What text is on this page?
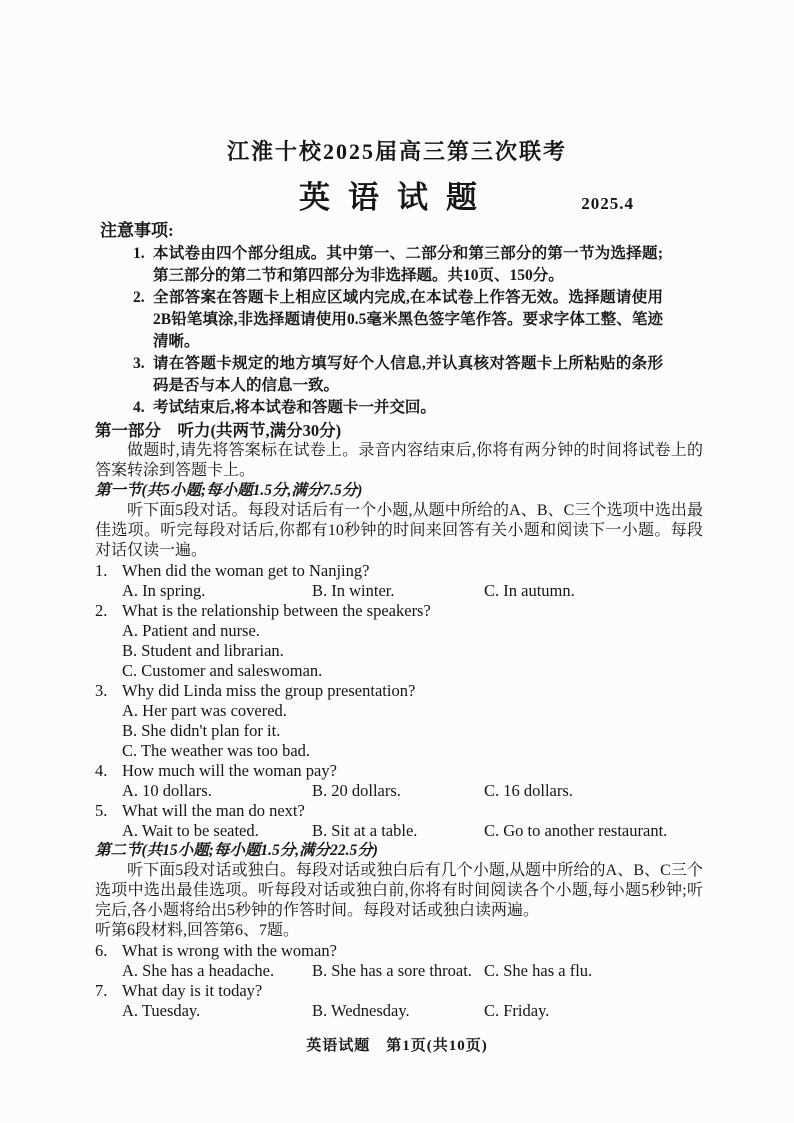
江淮十校2025届高三第三次联考
英语试题	2025.4
注意事项:
1. 本试卷由四个部分组成。其中第一、二部分和第三部分的第一节为选择题;第三部分的第二节和第四部分为非选择题。共10页、150分。
2. 全部答案在答题卡上相应区域内完成,在本试卷上作答无效。选择题请使用2B铅笔填涂,非选择题请使用0.5毫米黑色签字笔作答。要求字体工整、笔迹清晰。
3. 请在答题卡规定的地方填写好个人信息,并认真核对答题卡上所粘贴的条形码是否与本人的信息一致。
4. 考试结束后,将本试卷和答题卡一并交回。
第一部分　听力(共两节,满分30分)

做题时,请先将答案标在试卷上。录音内容结束后,你将有两分钟的时间将试卷上的答案转涂到答题卡上。

第一节(共5小题;每小题1.5分,满分7.5分)

听下面5段对话。每段对话后有一个小题,从题中所给的A、B、C三个选项中选出最佳选项。听完每段对话后,你都有10秒钟的时间来回答有关小题和阅读下一小题。每段对话仅读一遍。

1. When did the woman get to Nanjing?
A. In spring.	B. In winter.	C. In autumn.
2. What is the relationship between the speakers?
A. Patient and nurse.
B. Student and librarian.
C. Customer and saleswoman.
3. Why did Linda miss the group presentation?
A. Her part was covered.
B. She didn't plan for it.
C. The weather was too bad.
4. How much will the woman pay?
A. 10 dollars.	B. 20 dollars.	C. 16 dollars.
5. What will the man do next?
A. Wait to be seated.	B. Sit at a table.	C. Go to another restaurant.
第二节(共15小题;每小题1.5分,满分22.5分)

听下面5段对话或独白。每段对话或独白后有几个小题,从题中所给的A、B、C三个选项中选出最佳选项。听每段对话或独白前,你将有时间阅读各个小题,每小题5秒钟;听完后,各小题将给出5秒钟的作答时间。每段对话或独白读两遍。

听第6段材料,回答第6、7题。
6. What is wrong with the woman?
A. She has a headache.	B. She has a sore throat. C. She has a flu.
7. What day is it today?
A. Tuesday.	B. Wednesday.	C. Friday.
英语试题　第1页(共10页)
